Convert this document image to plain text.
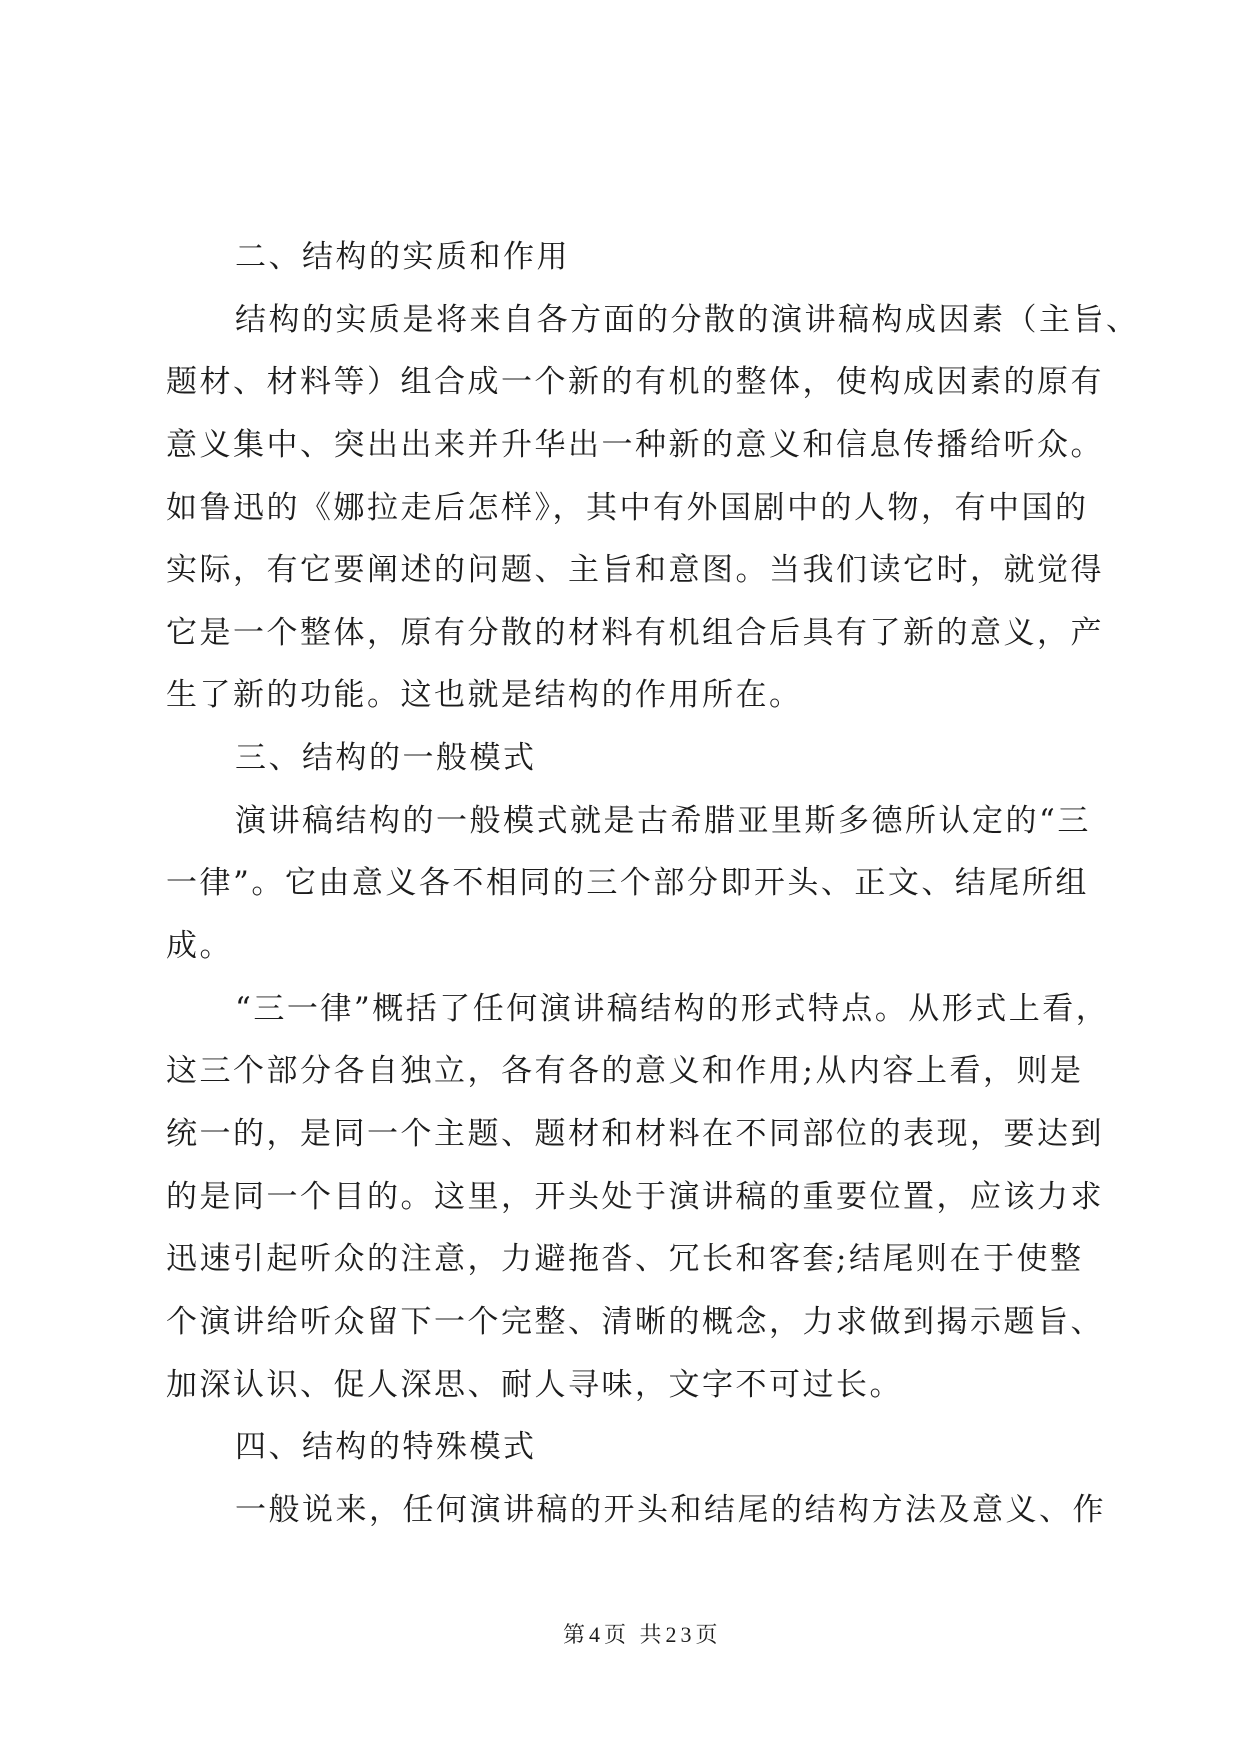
二、结构的实质和作用
结构的实质是将来自各方面的分散的演讲稿构成因素（主旨、
题材、材料等）组合成一个新的有机的整体，使构成因素的原有
意义集中、突出出来并升华出一种新的意义和信息传播给听众。
如鲁迅的《娜拉走后怎样》，其中有外国剧中的人物，有中国的
实际，有它要阐述的问题、主旨和意图。当我们读它时，就觉得
它是一个整体，原有分散的材料有机组合后具有了新的意义，产
生了新的功能。这也就是结构的作用所在。
三、结构的一般模式
演讲稿结构的一般模式就是古希腊亚里斯多德所认定的“三
一律”。它由意义各不相同的三个部分即开头、正文、结尾所组
成。
“三一律”概括了任何演讲稿结构的形式特点。从形式上看，
这三个部分各自独立，各有各的意义和作用;从内容上看，则是
统一的，是同一个主题、题材和材料在不同部位的表现，要达到
的是同一个目的。这里，开头处于演讲稿的重要位置，应该力求
迅速引起听众的注意，力避拖沓、冗长和客套;结尾则在于使整
个演讲给听众留下一个完整、清晰的概念，力求做到揭示题旨、
加深认识、促人深思、耐人寻味，文字不可过长。
四、结构的特殊模式
一般说来，任何演讲稿的开头和结尾的结构方法及意义、作
第4页 共23页
